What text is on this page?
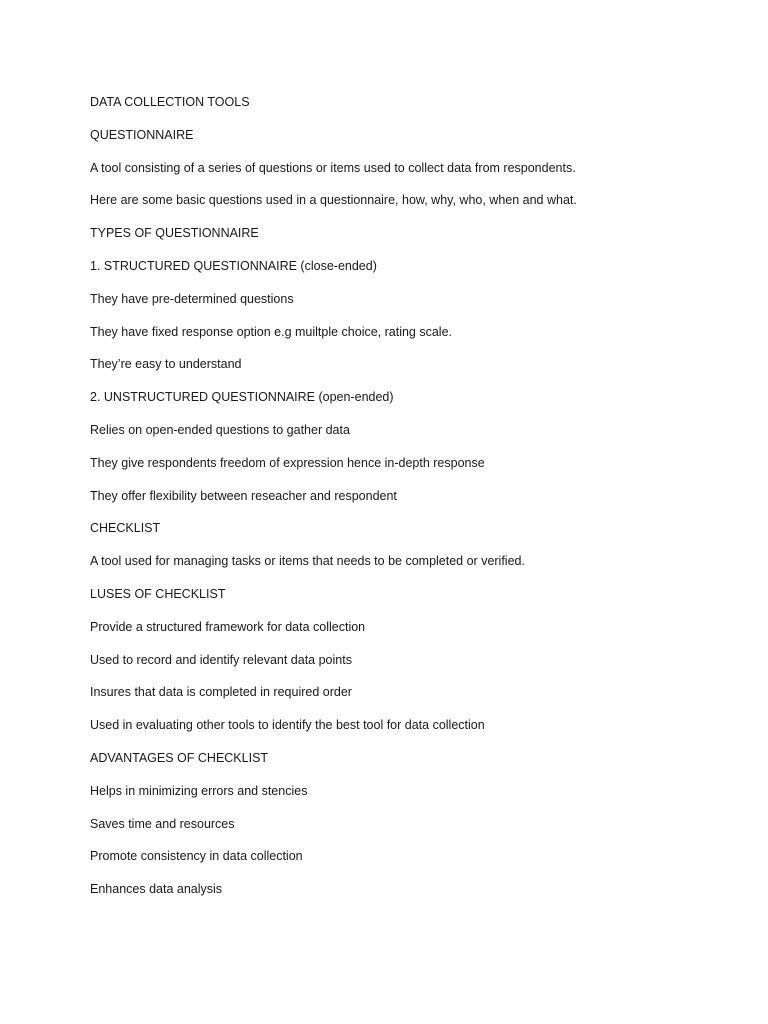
DATA COLLECTION TOOLS
QUESTIONNAIRE
A tool consisting of a series of questions or items used to collect data from respondents.
Here are some basic questions used in a questionnaire, how, why, who, when and what.
TYPES OF QUESTIONNAIRE
1. STRUCTURED QUESTIONNAIRE (close-ended)
They have pre-determined questions
They have fixed response option e.g muiltple choice, rating scale.
They’re easy to understand
2. UNSTRUCTURED QUESTIONNAIRE (open-ended)
Relies on open-ended questions to gather data
They give respondents freedom of expression hence in-depth response
They offer flexibility between reseacher and respondent
CHECKLIST
A tool used for managing tasks or items that needs to be completed or verified.
LUSES OF CHECKLIST
Provide a structured framework for data collection
Used to record and identify relevant data points
Insures that data is completed in required order
Used in evaluating other tools to identify the best tool for data collection
ADVANTAGES OF CHECKLIST
Helps in minimizing errors and stencies
Saves time and resources
Promote consistency in data collection
Enhances data analysis
